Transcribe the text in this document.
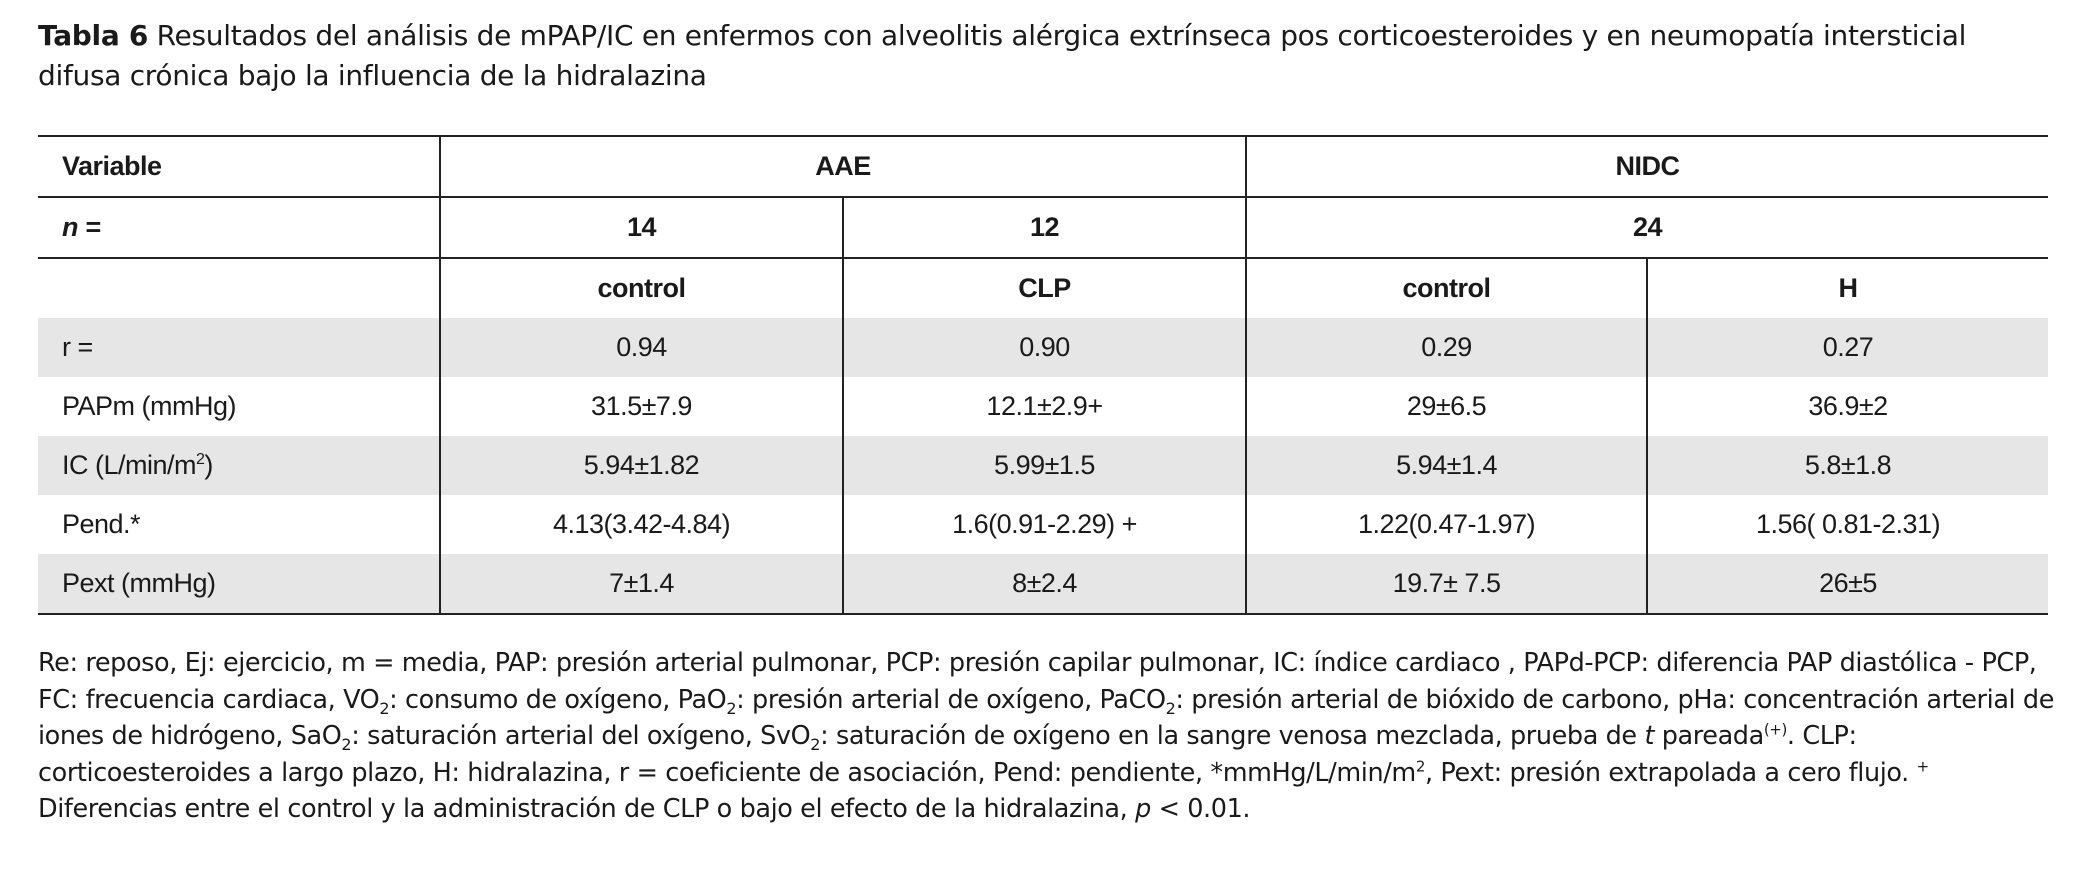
Tabla 6 Resultados del análisis de mPAP/IC en enfermos con alveolitis alérgica extrínseca pos corticoesteroides y en neumopatía intersticial difusa crónica bajo la influencia de la hidralazina
Variable	AAE		NIDC	
n =	14	12	24	
	control	CLP	control	H
r =	0.94	0.90	0.29	0.27
PAPm (mmHg)	31.5±7.9	12.1±2.9+	29±6.5	36.9±2
IC $(L/\min/m^2)$	5.94±1.82	5.99±1.5	5.94±1.4	5.8±1.8
Pend.*	4.13(3.42-4.84)	1.6(0.91-2.29) +	1.22(0.47-1.97)	1.56( 0.81-2.31)
Pext (mmHg)	7±1.4	8±2.4	19.7± 7.5	26±5
Re: reposo, Ej: ejercicio, m = media, PAP: presión arterial pulmonar, PCP: presión capilar pulmonar, IC: índice cardiaco , PAPd-PCP: diferencia PAP diastólica - PCP, FC: frecuencia cardiaca, $VO_2$: consumo de oxígeno, PaO$_2$: presión arterial de oxígeno, PaCO$_2$: presión arterial de bióxido de carbono, pHa: concentración arterial de iones de hidrógeno, SaO$_2$: saturación arterial del oxígeno, SvO$_2$: saturación de oxígeno en la sangre venosa mezclada, prueba de t pareada(+). CLP: corticoesteroides a largo plazo, H: hidralazina, r = coeficiente de asociación, Pend: pendiente, $*mmHg/L/\min/m^2$, Pext: presión extrapolada a cero flujo. + Diferencias entre el control y la administración de CLP o bajo el efecto de la hidralazina, p < 0.01.
